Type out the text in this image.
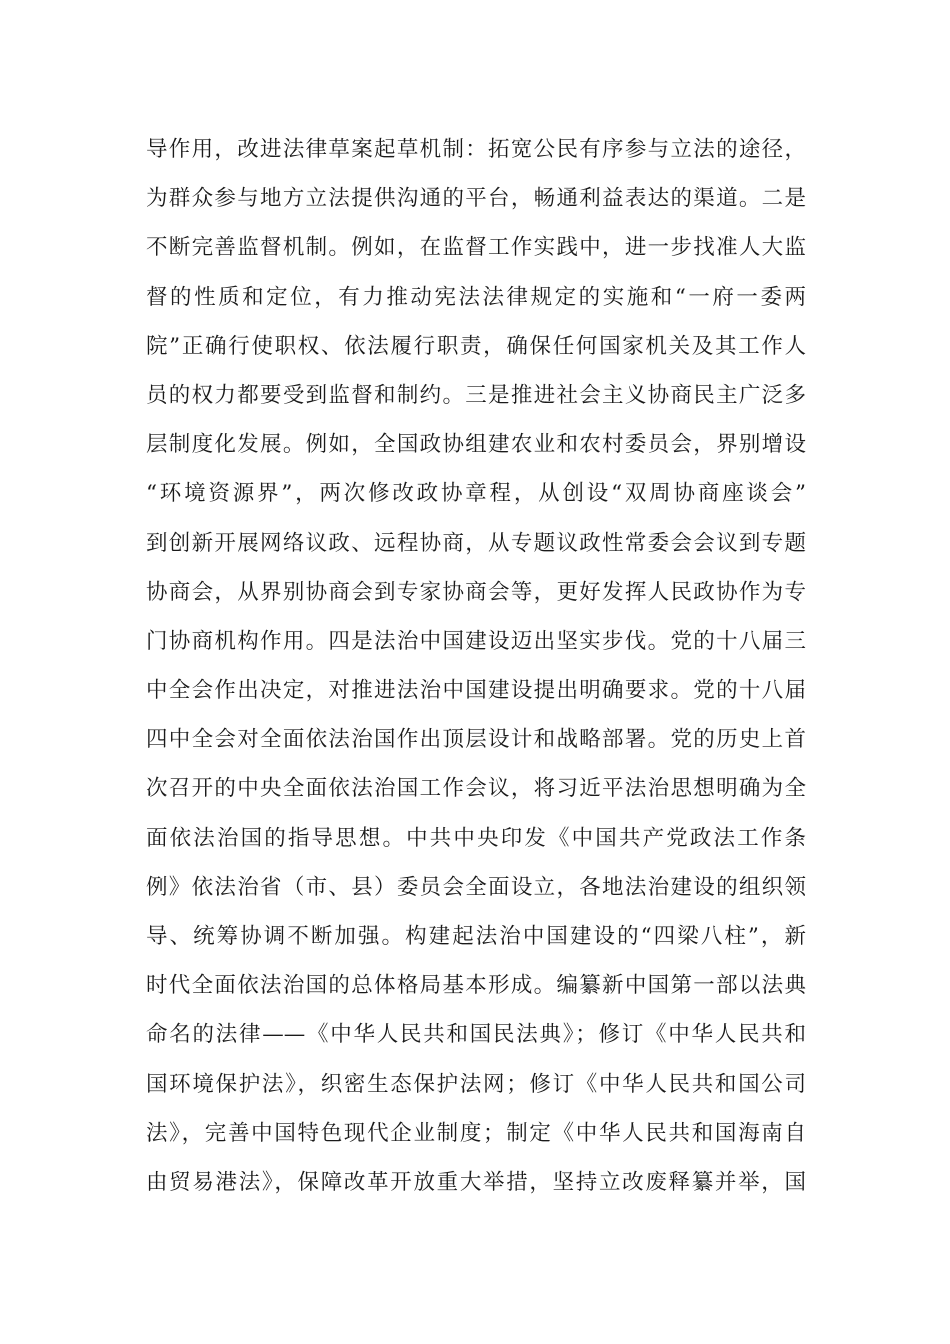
导作用，改进法律草案起草机制：拓宽公民有序参与立法的途径，
为群众参与地方立法提供沟通的平台，畅通利益表达的渠道。二是
不断完善监督机制。例如，在监督工作实践中，进一步找准人大监
督的性质和定位，有力推动宪法法律规定的实施和“一府一委两
院”正确行使职权、依法履行职责，确保任何国家机关及其工作人
员的权力都要受到监督和制约。三是推进社会主义协商民主广泛多
层制度化发展。例如，全国政协组建农业和农村委员会，界别增设
“环境资源界”，两次修改政协章程，从创设“双周协商座谈会”
到创新开展网络议政、远程协商，从专题议政性常委会会议到专题
协商会，从界别协商会到专家协商会等，更好发挥人民政协作为专
门协商机构作用。四是法治中国建设迈出坚实步伐。党的十八届三
中全会作出决定，对推进法治中国建设提出明确要求。党的十八届
四中全会对全面依法治国作出顶层设计和战略部署。党的历史上首
次召开的中央全面依法治国工作会议，将习近平法治思想明确为全
面依法治国的指导思想。中共中央印发《中国共产党政法工作条
例》依法治省（市、县）委员会全面设立，各地法治建设的组织领
导、统筹协调不断加强。构建起法治中国建设的“四梁八柱”，新
时代全面依法治国的总体格局基本形成。编纂新中国第一部以法典
命名的法律——《中华人民共和国民法典》；修订《中华人民共和
国环境保护法》，织密生态保护法网；修订《中华人民共和国公司
法》，完善中国特色现代企业制度；制定《中华人民共和国海南自
由贸易港法》，保障改革开放重大举措，坚持立改废释纂并举，国
